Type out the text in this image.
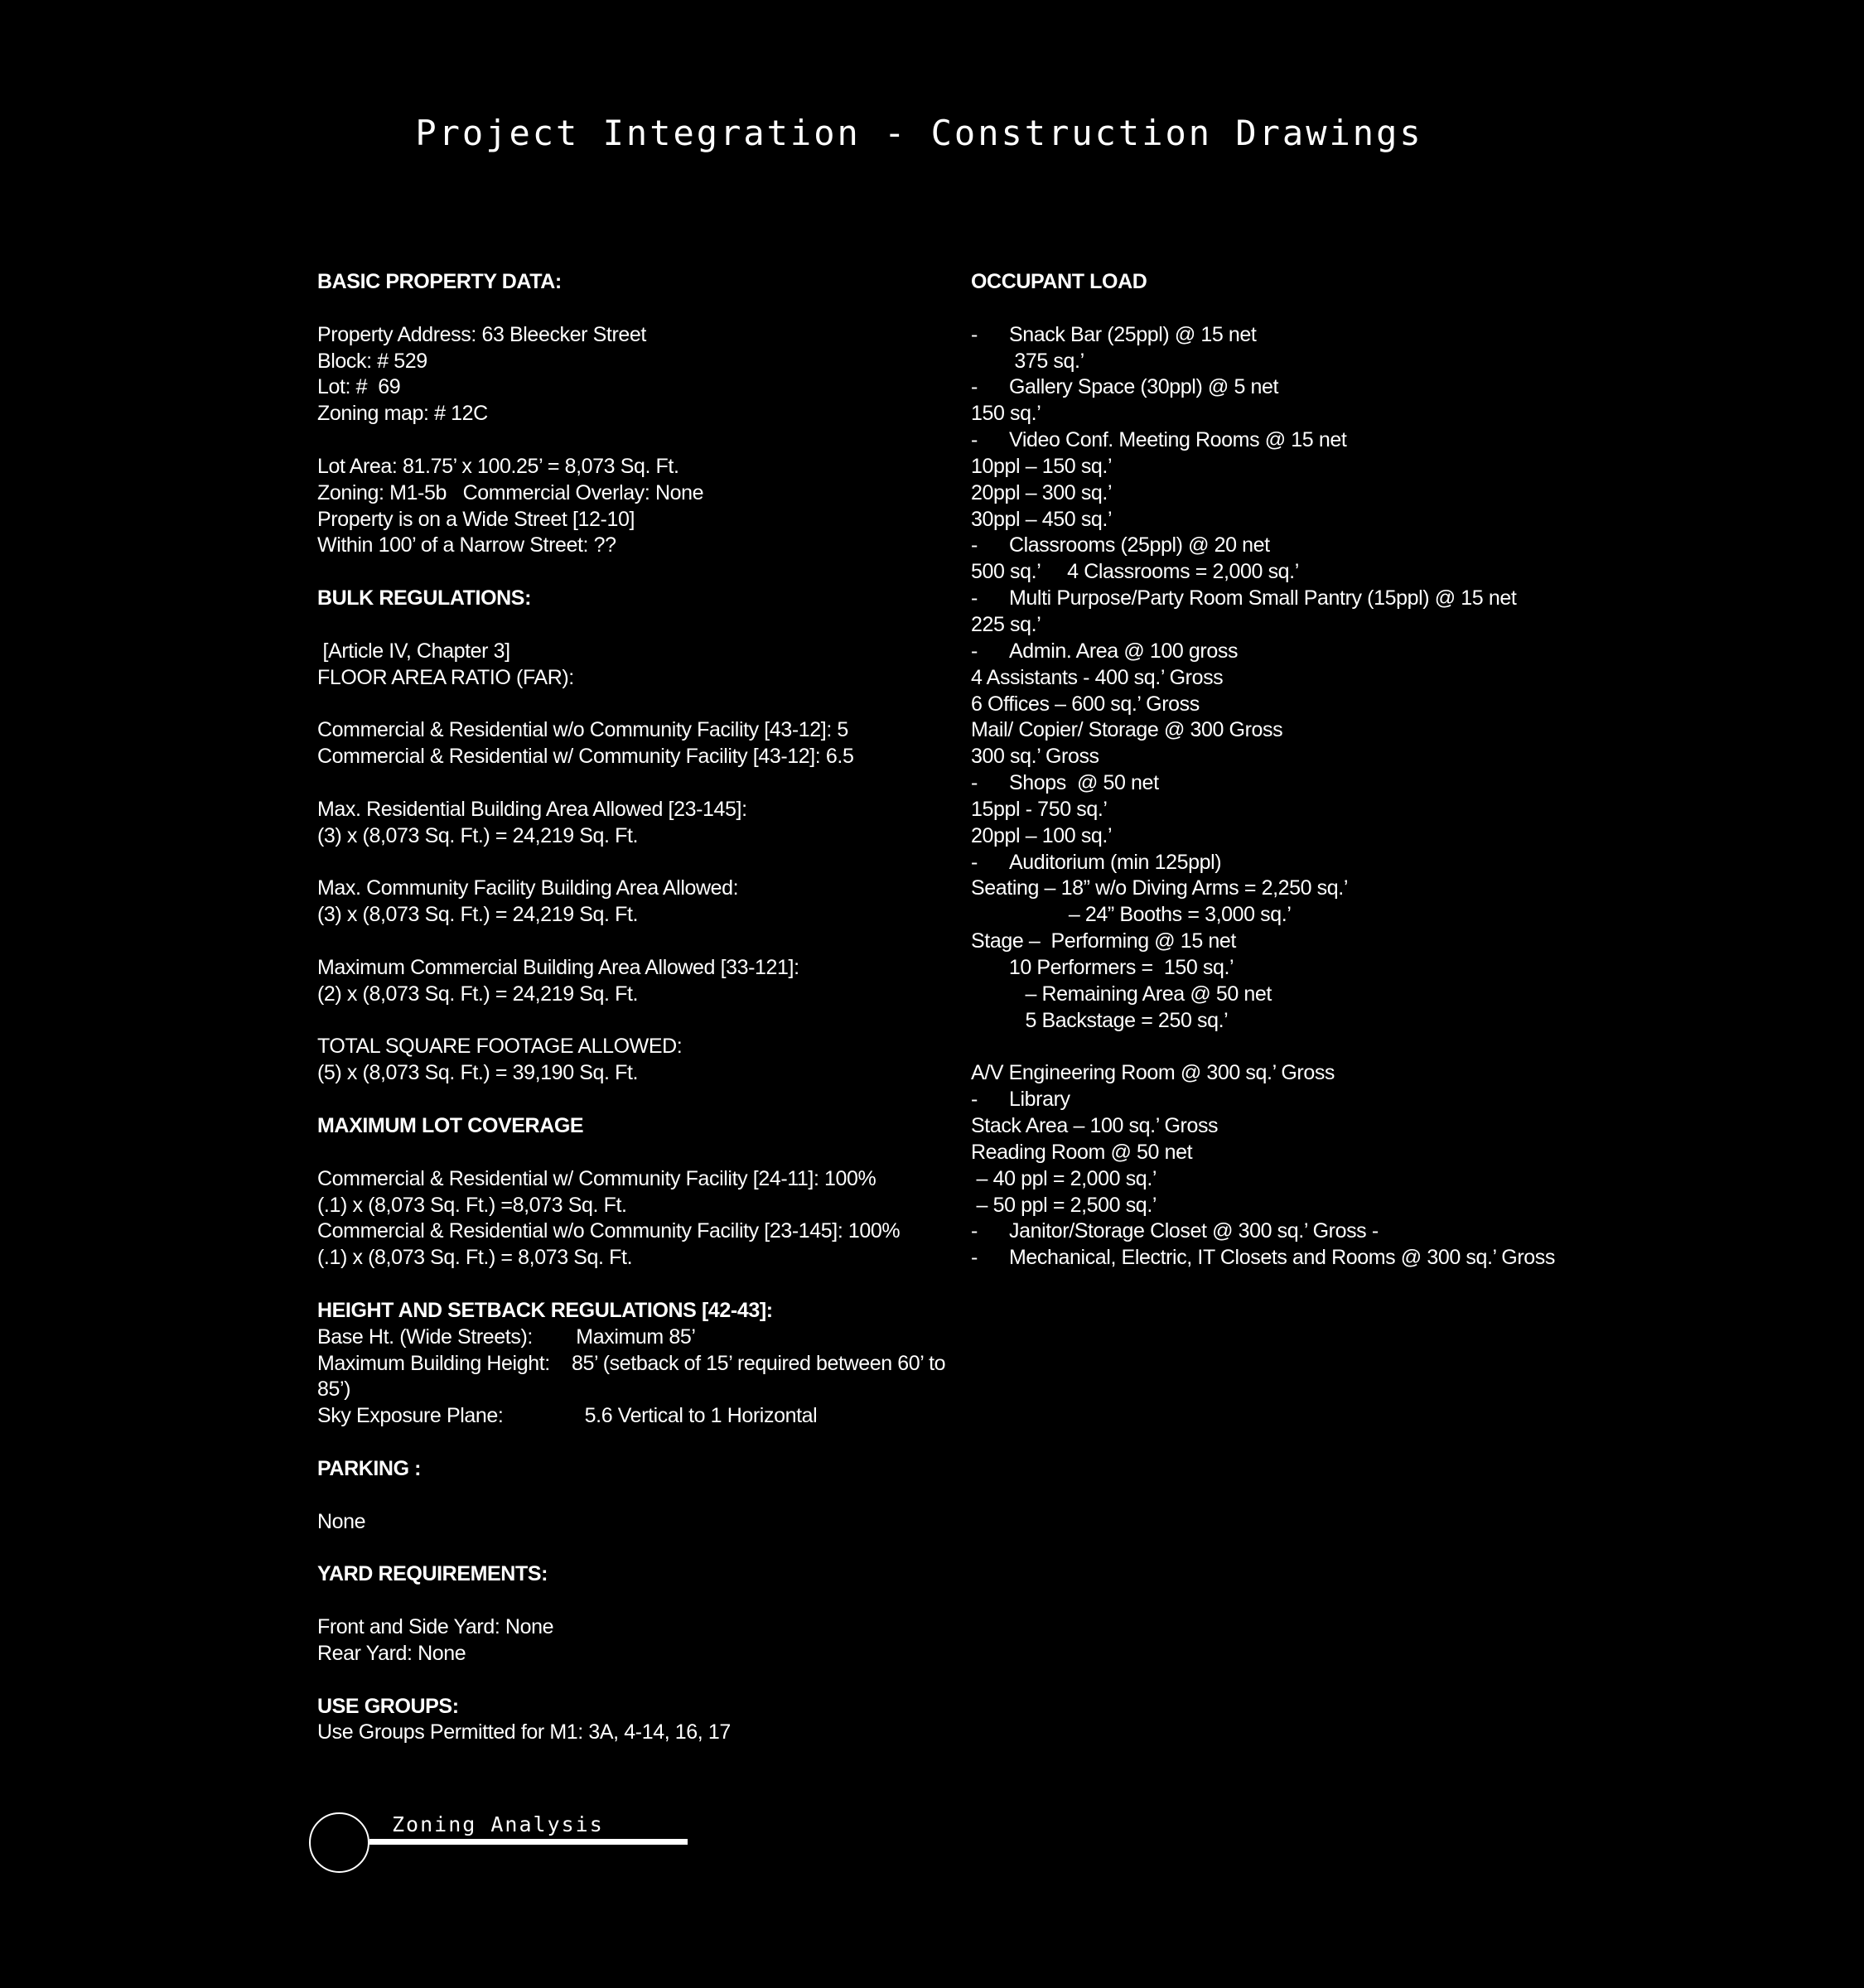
Project Integration - Construction Drawings
BASIC PROPERTY DATA:
Property Address: 63 Bleecker Street
Block: # 529
Lot: #  69
Zoning map: # 12C
Lot Area: 81.75’ x 100.25’ = 8,073 Sq. Ft.
Zoning: M1-5b   Commercial Overlay: None
Property is on a Wide Street [12-10]
Within 100’ of a Narrow Street: ??
BULK REGULATIONS:
[Article IV, Chapter 3]
FLOOR AREA RATIO (FAR):
Commercial & Residential w/o Community Facility [43-12]: 5
Commercial & Residential w/ Community Facility [43-12]: 6.5
Max. Residential Building Area Allowed [23-145]:
(3) x (8,073 Sq. Ft.) = 24,219 Sq. Ft.
Max. Community Facility Building Area Allowed:
(3) x (8,073 Sq. Ft.) = 24,219 Sq. Ft.
Maximum Commercial Building Area Allowed [33-121]:
(2) x (8,073 Sq. Ft.) = 24,219 Sq. Ft.
TOTAL SQUARE FOOTAGE ALLOWED:
(5) x (8,073 Sq. Ft.) = 39,190 Sq. Ft.
MAXIMUM LOT COVERAGE
Commercial & Residential w/ Community Facility [24-11]: 100%
(.1) x (8,073 Sq. Ft.) =8,073 Sq. Ft.
Commercial & Residential w/o Community Facility [23-145]: 100%
(.1) x (8,073 Sq. Ft.) = 8,073 Sq. Ft.
HEIGHT AND SETBACK REGULATIONS [42-43]:
Base Ht. (Wide Streets):        Maximum 85’
Maximum Building Height:    85’ (setback of 15’ required between 60’ to
85’)
Sky Exposure Plane:               5.6 Vertical to 1 Horizontal
PARKING :
None
YARD REQUIREMENTS:
Front and Side Yard: None
Rear Yard: None
USE GROUPS:
Use Groups Permitted for M1: 3A, 4-14, 16, 17
OCCUPANT LOAD
- Snack Bar (25ppl) @ 15 net
375 sq.’
- Gallery Space (30ppl) @ 5 net
150 sq.’
- Video Conf. Meeting Rooms @ 15 net
10ppl – 150 sq.’
20ppl – 300 sq.’
30ppl – 450 sq.’
- Classrooms (25ppl) @ 20 net
500 sq.’     4 Classrooms = 2,000 sq.’
- Multi Purpose/Party Room Small Pantry (15ppl) @ 15 net
225 sq.’
- Admin. Area @ 100 gross
4 Assistants - 400 sq.’ Gross
6 Offices – 600 sq.’ Gross
Mail/ Copier/ Storage @ 300 Gross
300 sq.’ Gross
- Shops  @ 50 net
15ppl - 750 sq.’
20ppl – 100 sq.’
- Auditorium (min 125ppl)
Seating – 18” w/o Diving Arms = 2,250 sq.’
– 24” Booths = 3,000 sq.’
Stage –  Performing @ 15 net
10 Performers =  150 sq.’
– Remaining Area @ 50 net
5 Backstage = 250 sq.’
A/V Engineering Room @ 300 sq.’ Gross
- Library
Stack Area – 100 sq.’ Gross
Reading Room @ 50 net
– 40 ppl = 2,000 sq.’
– 50 ppl = 2,500 sq.’
- Janitor/Storage Closet @ 300 sq.’ Gross -
- Mechanical, Electric, IT Closets and Rooms @ 300 sq.’ Gross
Zoning Analysis
